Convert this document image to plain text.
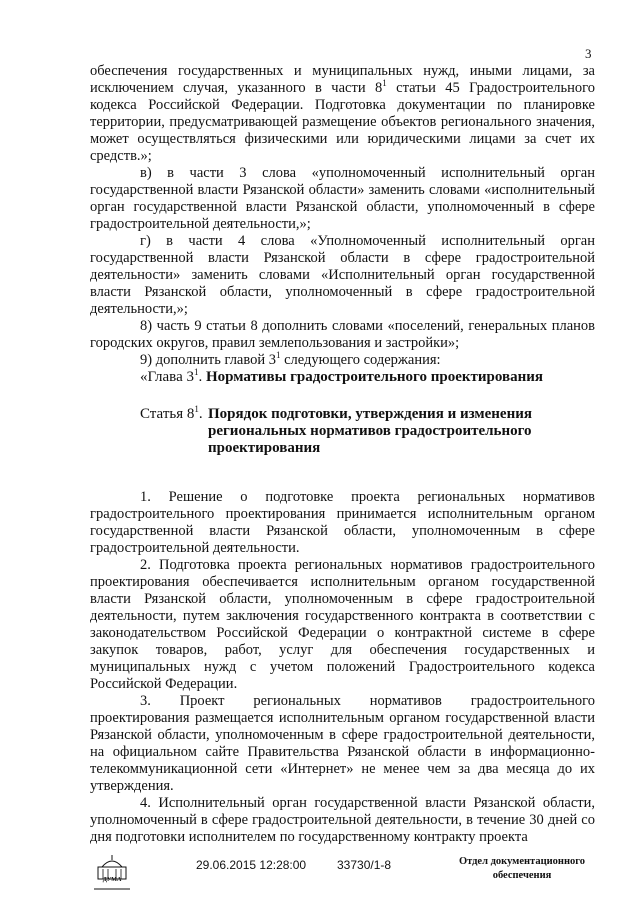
3

обеспечения государственных и муниципальных нужд, иными лицами, за исключением случая, указанного в части $8^1$ статьи 45 Градостроительного кодекса Российской Федерации. Подготовка документации по планировке территории, предусматривающей размещение объектов регионального значения, может осуществляться физическими или юридическими лицами за счет их средств.»;

в) в части 3 слова «уполномоченный исполнительный орган государственной власти Рязанской области» заменить словами «исполнительный орган государственной власти Рязанской области, уполномоченный в сфере градостроительной деятельности,»;

г) в части 4 слова «Уполномоченный исполнительный орган государственной власти Рязанской области в сфере градостроительной деятельности» заменить словами «Исполнительный орган государственной власти Рязанской области, уполномоченный в сфере градостроительной деятельности,»;

8) часть 9 статьи 8 дополнить словами «поселений, генеральных планов городских округов, правил землепользования и застройки»;

9) дополнить главой $3^1$ следующего содержания:

«Глава $3^1$. Нормативы градостроительного проектирования

Статья $8^1$. Порядок подготовки, утверждения и изменения региональных нормативов градостроительного проектирования

1. Решение о подготовке проекта региональных нормативов градостроительного проектирования принимается исполнительным органом государственной власти Рязанской области, уполномоченным в сфере градостроительной деятельности.

2. Подготовка проекта региональных нормативов градостроительного проектирования обеспечивается исполнительным органом государственной власти Рязанской области, уполномоченным в сфере градостроительной деятельности, путем заключения государственного контракта в соответствии с законодательством Российской Федерации о контрактной системе в сфере закупок товаров, работ, услуг для обеспечения государственных и муниципальных нужд с учетом положений Градостроительного кодекса Российской Федерации.

3. Проект региональных нормативов градостроительного проектирования размещается исполнительным органом государственной власти Рязанской области, уполномоченным в сфере градостроительной деятельности, на официальном сайте Правительства Рязанской области в информационно-телекоммуникационной сети «Интернет» не менее чем за два месяца до их утверждения.

4. Исполнительный орган государственной власти Рязанской области, уполномоченный в сфере градостроительной деятельности, в течение 30 дней со дня подготовки исполнителем по государственному контракту проекта

ДУМА
29.06.2015 12:28:00	33730/1-8	Отдел документационного
обеспечения
